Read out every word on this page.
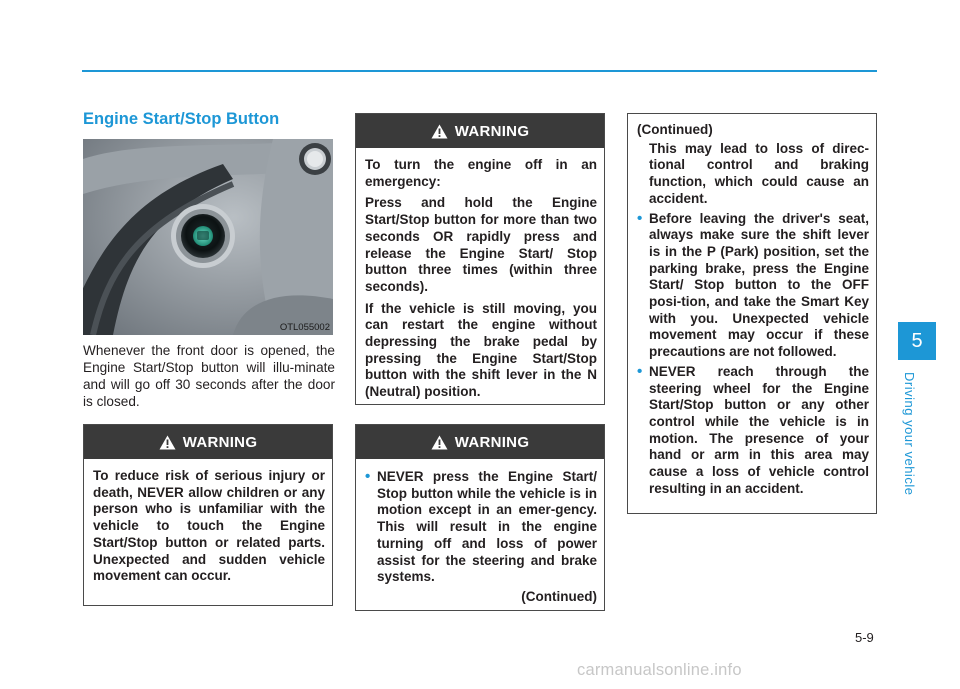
Engine Start/Stop Button
OTL055002
Whenever the front door is opened, the Engine Start/Stop button will illu-minate and will go off 30 seconds after the door is closed.
WARNING

To reduce risk of serious injury or death, NEVER allow children or any person who is unfamiliar with the vehicle to touch the Engine Start/Stop button or related parts. Unexpected and sudden vehicle movement can occur.

WARNING

To turn the engine off in an emergency:

Press and hold the Engine Start/Stop button for more than two seconds OR rapidly press and release the Engine Start/ Stop button three times (within three seconds).

If the vehicle is still moving, you can restart the engine without depressing the brake pedal by pressing the Engine Start/Stop button with the shift lever in the N (Neutral) position.

WARNING
• NEVER press the Engine Start/ Stop button while the vehicle is in motion except in an emer-gency. This will result in the engine turning off and loss of power assist for the steering and brake systems.
(Continued)
(Continued)
This may lead to loss of direc-tional control and braking function, which could cause an accident.
• Before leaving the driver's seat, always make sure the shift lever is in the P (Park) position, set the parking brake, press the Engine Start/ Stop button to the OFF posi-tion, and take the Smart Key with you. Unexpected vehicle movement may occur if these precautions are not followed.
• NEVER reach through the steering wheel for the Engine Start/Stop button or any other control while the vehicle is in motion. The presence of your hand or arm in this area may cause a loss of vehicle control resulting in an accident.
5
Driving your vehicle
5-9
carmanualsonline.info
